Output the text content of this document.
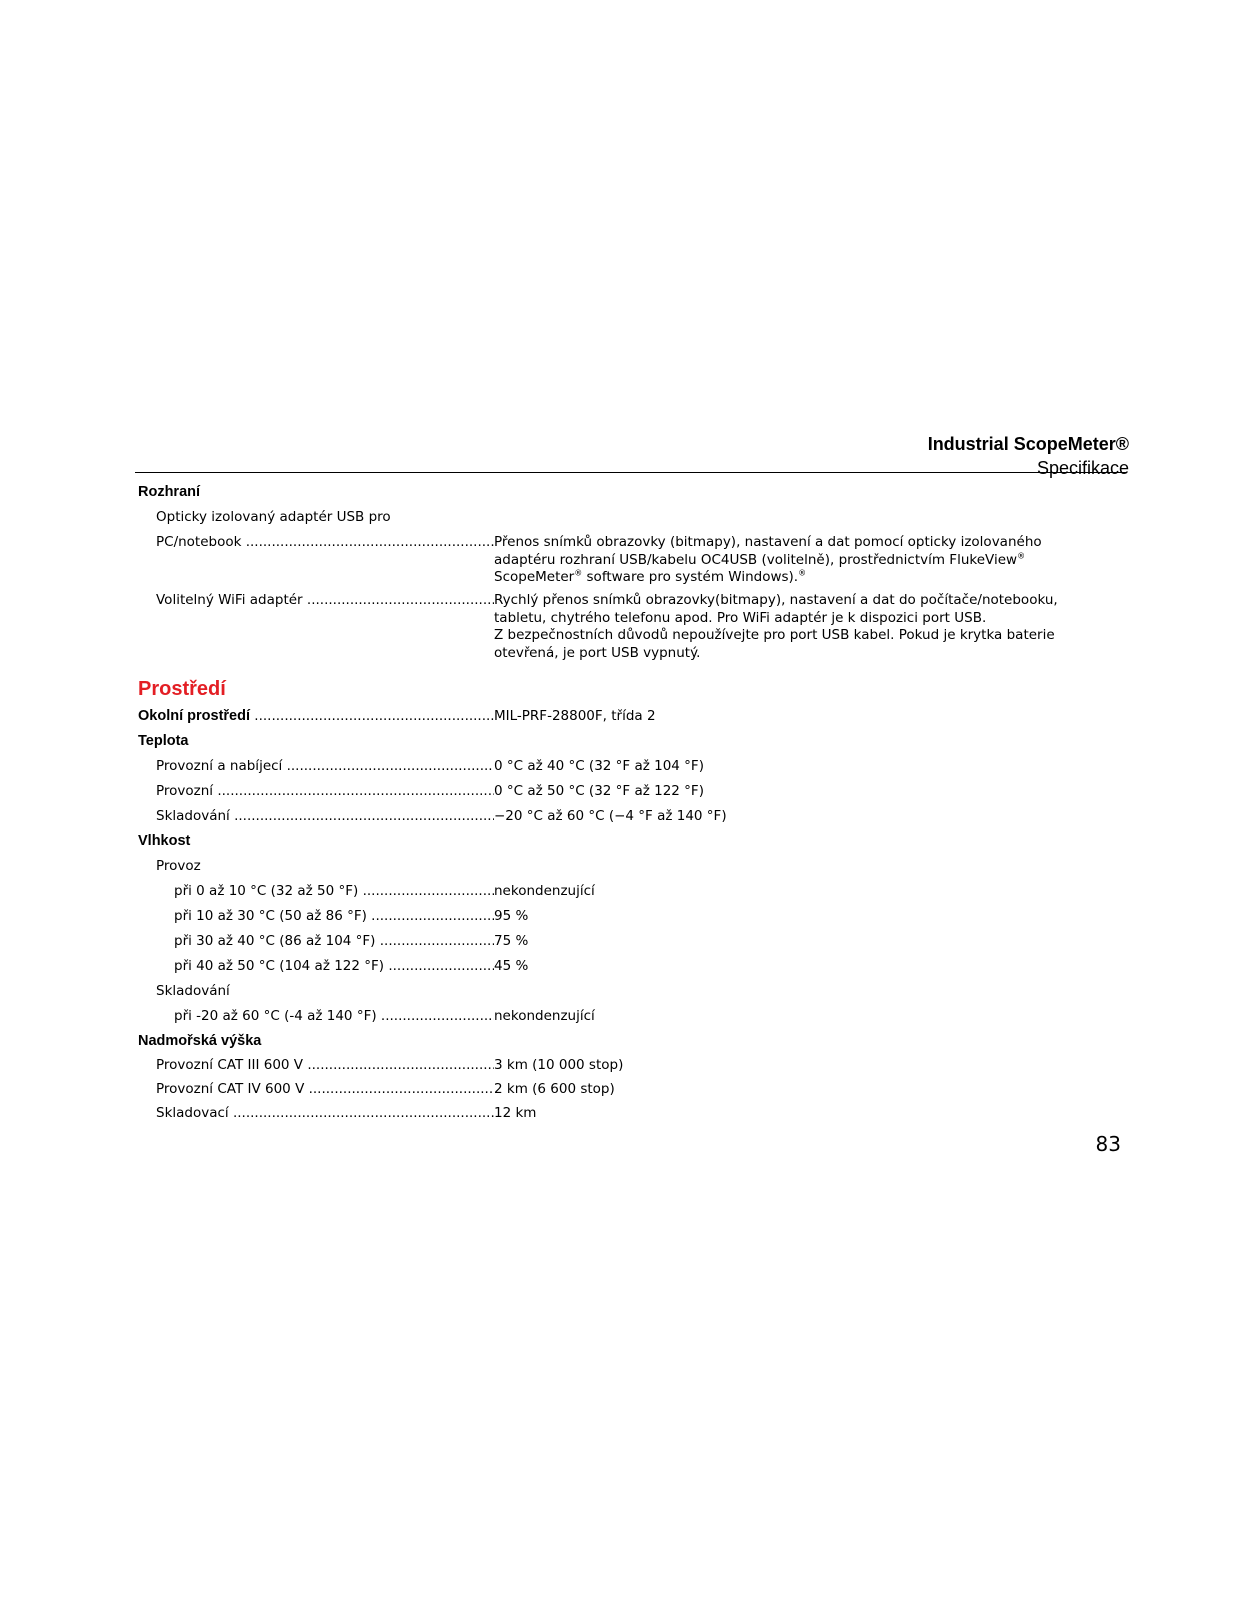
Industrial ScopeMeter®
Specifikace
Rozhraní
Opticky izolovaný adaptér USB pro
PC/notebook .....	Přenos snímků obrazovky (bitmapy), nastavení a dat pomocí opticky izolovaného
adaptéru rozhraní USB/kabelu OC4USB (volitelně), prostřednictvím FlukeView®
ScopeMeter® software pro systém Windows).®
Volitelný WiFi adaptér .....	Rychlý přenos snímků obrazovky(bitmapy), nastavení a dat do počítače/notebooku,
tabletu, chytrého telefonu apod. Pro WiFi adaptér je k dispozici port USB.
Z bezpečnostních důvodů nepoužívejte pro port USB kabel. Pokud je krytka baterie
otevřená, je port USB vypnutý.
Prostředí
Okolní prostředí .....	MIL-PRF-28800F, třída 2
Teplota
Provozní a nabíjecí .....	0 °C až 40 °C (32 °F až 104 °F)
Provozní .....	0 °C až 50 °C (32 °F až 122 °F)
Skladování .....	−20 °C až 60 °C (−4 °F až 140 °F)
Vlhkost
Provoz
při 0 až 10 °C (32 až 50 °F) .....	nekondenzující
při 10 až 30 °C (50 až 86 °F) .....	95 %
při 30 až 40 °C (86 až 104 °F) .....	75 %
při 40 až 50 °C (104 až 122 °F) .....	45 %
Skladování
při -20 až 60 °C (-4 až 140 °F) .....	nekondenzující
Nadmořská výška
Provozní CAT III 600 V .....	3 km (10 000 stop)
Provozní CAT IV 600 V .....	2 km (6 600 stop)
Skladovací .....	12 km
83
